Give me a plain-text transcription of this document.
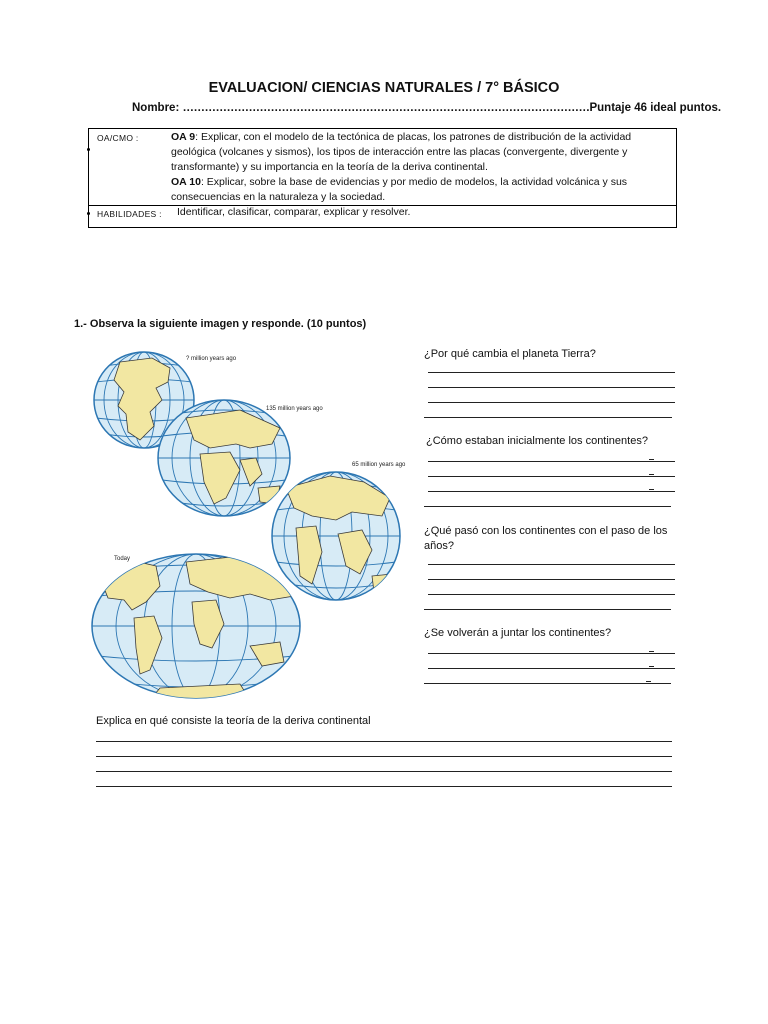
EVALUACION/ CIENCIAS NATURALES / 7° BÁSICO
Nombre: …………………………………………………………………………………………………Puntaje 46 ideal puntos.
OA/CMO :	OA 9: Explicar, con el modelo de la tectónica de placas, los patrones de distribución de la actividad geológica (volcanes y sismos), los tipos de interacción entre las placas (convergente, divergente y transformante) y su importancia en la teoría de la deriva continental.
OA 10: Explicar, sobre la base de evidencias y por medio de modelos, la actividad volcánica y sus consecuencias en la naturaleza y la sociedad.
HABILIDADES : Identificar, clasificar, comparar, explicar y resolver.
1.- Observa la siguiente imagen y responde. (10 puntos)
? million years ago
135 million years ago
65 million years ago
Today
¿Por qué cambia el planeta Tierra?
¿Cómo estaban inicialmente los continentes?
¿Qué pasó con los continentes con el paso de los años?
¿Se volverán a juntar los continentes?
Explica en qué consiste la teoría de la deriva continental
